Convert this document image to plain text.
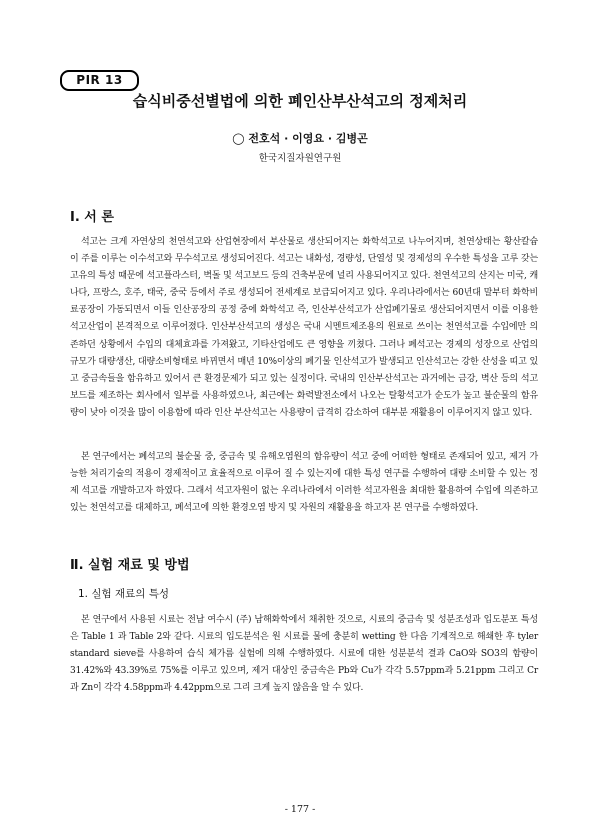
PIR 13
습식비중선별법에 의한 폐인산부산석고의 정제처리
◯ 전호석 · 이영요 · 김병곤
한국지질자원연구원
Ⅰ. 서 론

석고는 크게 자연상의 천연석고와 산업현장에서 부산물로 생산되어지는 화학석고로 나누어지며, 천연상태는 황산칼슘이 주를 이루는 이수석고와 무수석고로 생성되어진다. 석고는 내화성, 경량성, 단열성 및 경제성의 우수한 특성을 고루 갖는 고유의 특성 때문에 석고플라스터, 벽돌 및 석고보드 등의 건축부문에 널리 사용되어지고 있다. 천연석고의 산지는 미국, 캐나다, 프랑스, 호주, 태국, 중국 등에서 주로 생성되어 전세계로 보급되어지고 있다. 우리나라에서는 60년대 말부터 화학비료공장이 가동되면서 이들 인산공장의 공정 중에 화학석고 즉, 인산부산석고가 산업폐기물로 생산되어지면서 이를 이용한 석고산업이 본격적으로 이루어졌다. 인산부산석고의 생성은 국내 시멘트제조용의 원료로 쓰이는 천연석고를 수입에만 의존하던 상황에서 수입의 대체효과를 가져왔고, 기타산업에도 큰 영향을 끼쳤다. 그러나 폐석고는 경제의 성장으로 산업의 규모가 대량생산, 대량소비형태로 바뀌면서 매년 10%이상의 폐기물 인산석고가 발생되고 인산석고는 강한 산성을 띠고 있고 중금속들을 함유하고 있어서 큰 환경문제가 되고 있는 실정이다. 국내의 인산부산석고는 과거에는 금강, 벽산 등의 석고보드를 제조하는 회사에서 일부를 사용하였으나, 최근에는 화력발전소에서 나오는 탈황석고가 순도가 높고 불순물의 함유량이 낮아 이것을 많이 이용함에 따라 인산 부산석고는 사용량이 급격히 감소하여 대부분 재활용이 이루어지지 않고 있다.

본 연구에서는 폐석고의 불순물 중, 중금속 및 유해오염원의 함유량이 석고 중에 어떠한 형태로 존재되어 있고, 제거 가능한 처리기술의 적용이 경제적이고 효율적으로 이루어 질 수 있는지에 대한 특성 연구를 수행하여 대량 소비할 수 있는 정제 석고를 개발하고자 하였다. 그래서 석고자원이 없는 우리나라에서 이러한 석고자원을 최대한 활용하여 수입에 의존하고 있는 천연석고를 대체하고, 폐석고에 의한 환경오염 방지 및 자원의 재활용을 하고자 본 연구를 수행하였다.

Ⅱ. 실험 재료 및 방법
1. 실험 재료의 특성

본 연구에서 사용된 시료는 전남 여수시 (주) 남해화학에서 채취한 것으로, 시료의 중금속 및 성분조성과 입도분포 특성은 Table 1 과 Table 2와 같다. 시료의 입도분석은 원 시료를 물에 충분히 wetting 한 다음 기계적으로 해쇄한 후 tyler standard sieve를 사용하여 습식 체가름 실험에 의해 수행하였다. 시료에 대한 성분분석 결과 CaO와 SO3의 함량이 31.42%와 43.39%로 75%를 이루고 있으며, 제거 대상인 중금속은 Pb와 Cu가 각각 5.57ppm과 5.21ppm 그리고 Cr과 Zn이 각각 4.58ppm과 4.42ppm으로 그리 크게 높지 않음을 알 수 있다.

- 177 -
